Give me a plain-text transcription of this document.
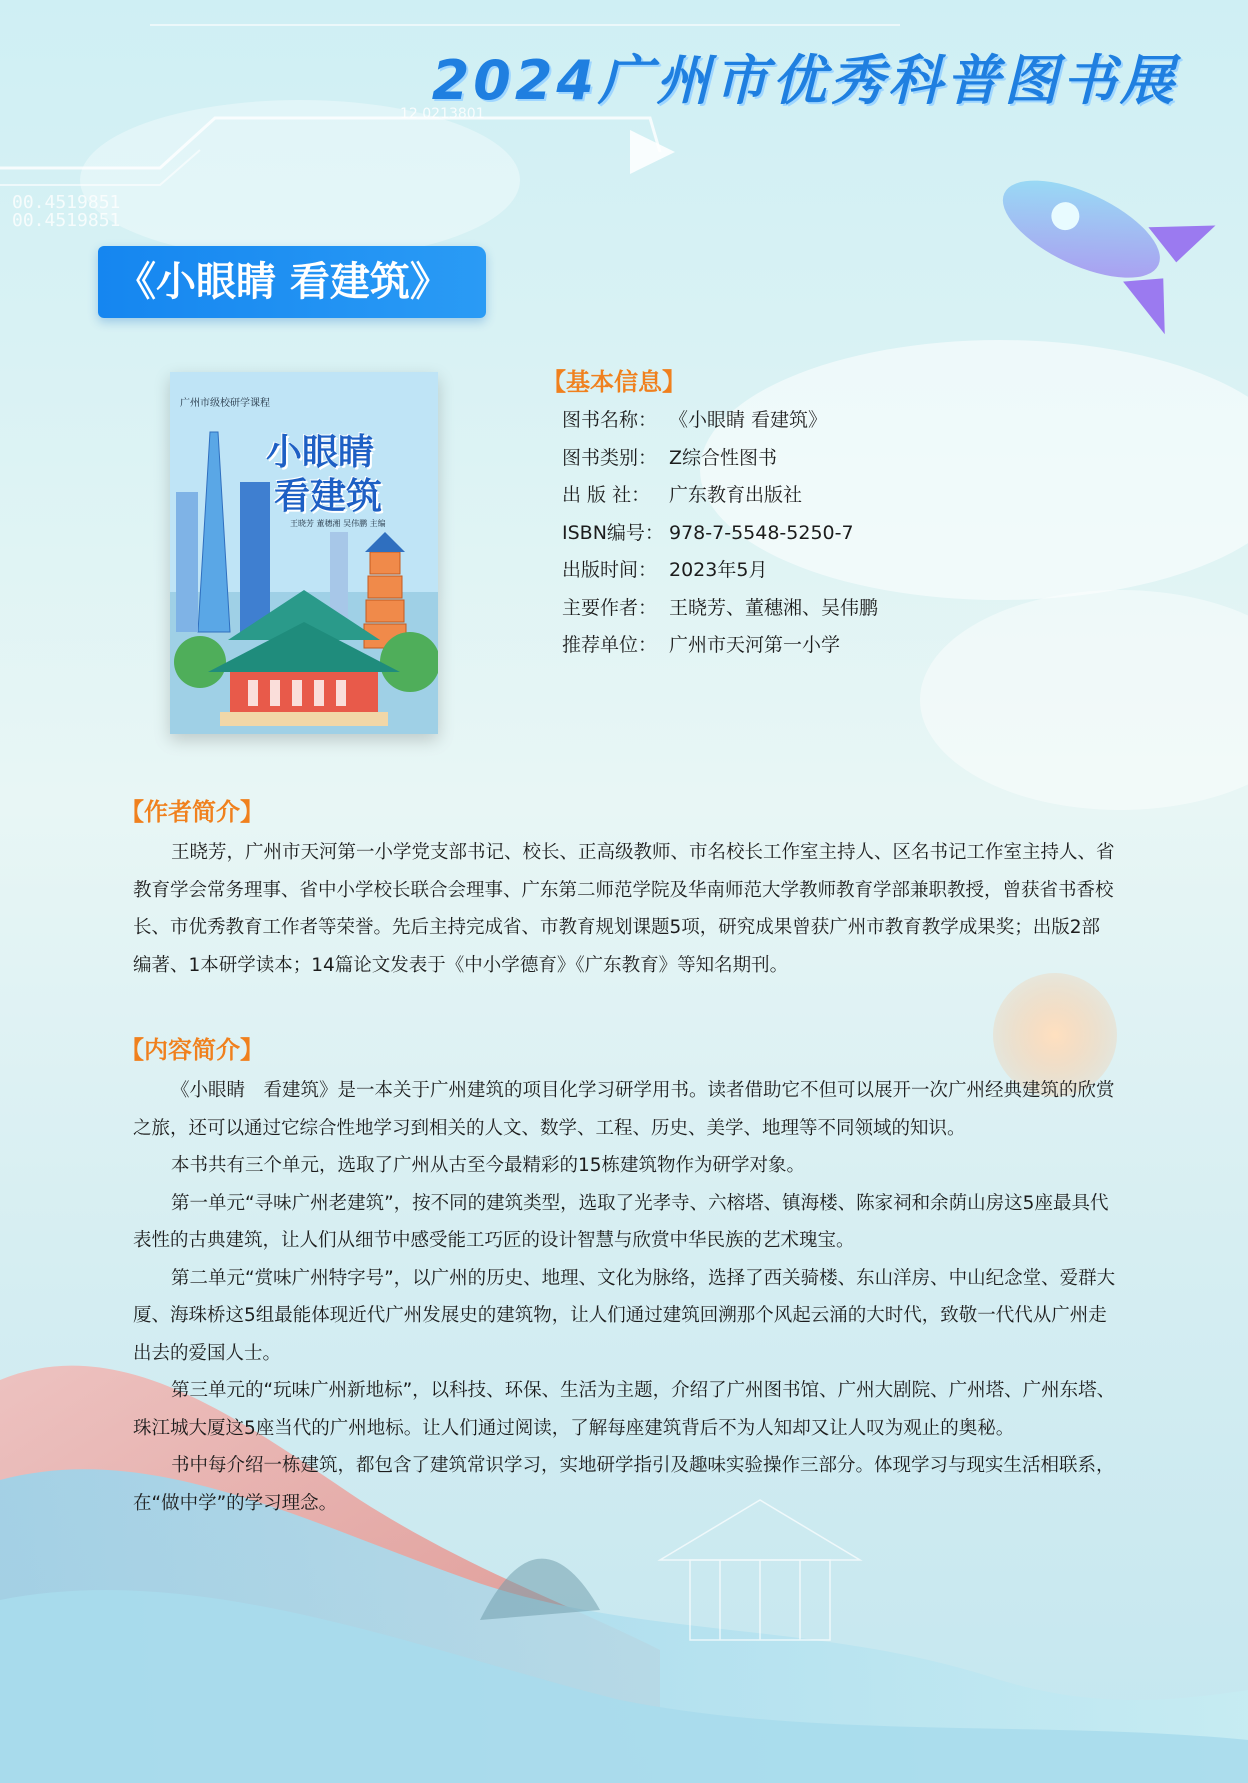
2024广州市优秀科普图书展
12 0213801
00.4519851
00.4519851
《小眼睛 看建筑》
广州市级校研学课程
小眼睛
看建筑
王晓芳 董穗湘 吴伟鹏 主编
【基本信息】
图书名称： 《小眼睛 看建筑》
图书类别： Z综合性图书
出 版 社： 广东教育出版社
ISBN编号： 978-7-5548-5250-7
出版时间： 2023年5月
主要作者： 王晓芳、董穗湘、吴伟鹏
推荐单位： 广州市天河第一小学
【作者简介】

王晓芳，广州市天河第一小学党支部书记、校长、正高级教师、市名校长工作室主持人、区名书记工作室主持人、省教育学会常务理事、省中小学校长联合会理事、广东第二师范学院及华南师范大学教师教育学部兼职教授，曾获省书香校长、市优秀教育工作者等荣誉。先后主持完成省、市教育规划课题5项，研究成果曾获广州市教育教学成果奖；出版2部编著、1本研学读本；14篇论文发表于《中小学德育》《广东教育》等知名期刊。

【内容简介】

《小眼睛　看建筑》是一本关于广州建筑的项目化学习研学用书。读者借助它不但可以展开一次广州经典建筑的欣赏之旅，还可以通过它综合性地学习到相关的人文、数学、工程、历史、美学、地理等不同领域的知识。

本书共有三个单元，选取了广州从古至今最精彩的15栋建筑物作为研学对象。

第一单元“寻味广州老建筑”，按不同的建筑类型，选取了光孝寺、六榕塔、镇海楼、陈家祠和余荫山房这5座最具代表性的古典建筑，让人们从细节中感受能工巧匠的设计智慧与欣赏中华民族的艺术瑰宝。

第二单元“赏味广州特字号”，以广州的历史、地理、文化为脉络，选择了西关骑楼、东山洋房、中山纪念堂、爱群大厦、海珠桥这5组最能体现近代广州发展史的建筑物，让人们通过建筑回溯那个风起云涌的大时代，致敬一代代从广州走出去的爱国人士。

第三单元的“玩味广州新地标”，以科技、环保、生活为主题，介绍了广州图书馆、广州大剧院、广州塔、广州东塔、珠江城大厦这5座当代的广州地标。让人们通过阅读，了解每座建筑背后不为人知却又让人叹为观止的奥秘。

书中每介绍一栋建筑，都包含了建筑常识学习，实地研学指引及趣味实验操作三部分。体现学习与现实生活相联系，在“做中学”的学习理念。
